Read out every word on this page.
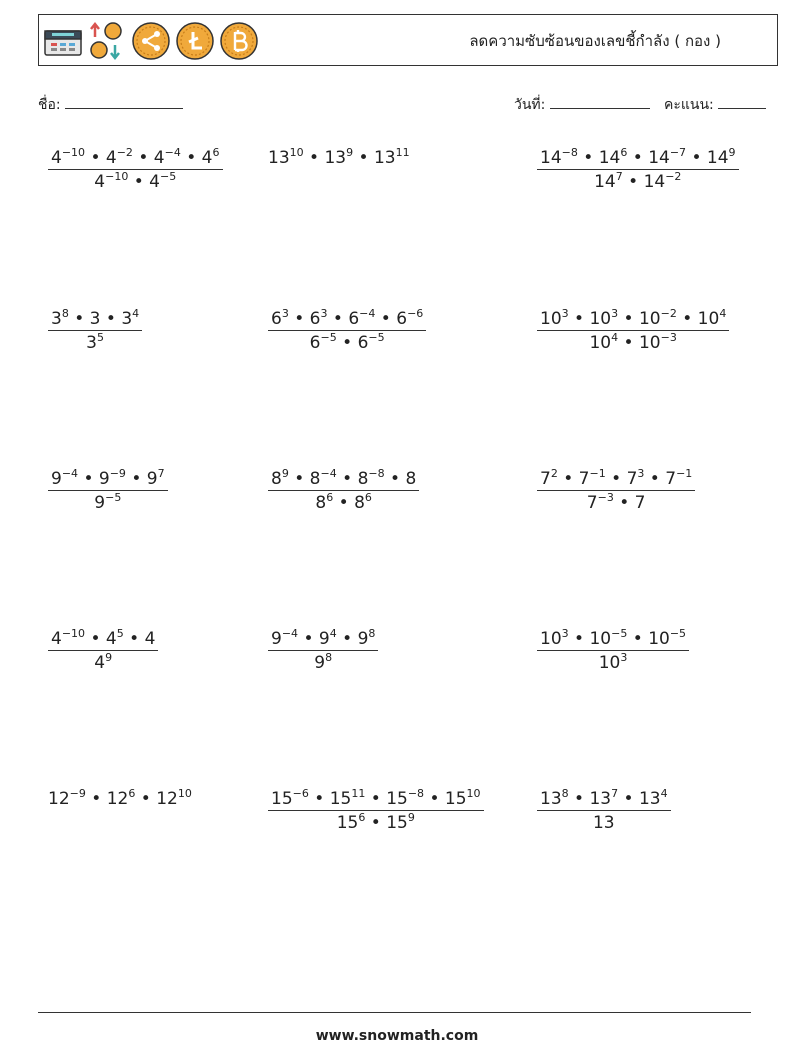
ลดความซับซ้อนของเลขชี้กำลัง ( กอง )
ชื่อ:	วันที่:	คะแนน:
$\frac{4^{-10} • 4^{-2} • 4^{-4} • 4^6}{4^{-10} • 4^{-5}}$	$13^{10}$ • $13^9$ • $13^{11}$	$\frac{14^{-8} • 14^6 • 14^{-7} • 14^9}{14^7 • 14^{-2}}$
$\frac{3^8 • 3 • 3^4}{3^5}$	$\frac{6^3 • 6^3 • 6^{-4} • 6^{-6}}{6^{-5} • 6^{-5}}$	$\frac{10^3 • 10^3 • 10^{-2} • 10^4}{10^4 • 10^{-3}}$
$\frac{9^{-4} • 9^{-9} • 9^7}{9^{-5}}$	$\frac{8^9 • 8^{-4} • 8^{-8} • 8}{8^6 • 8^6}$	$\frac{7^2 • 7^{-1} • 7^3 • 7^{-1}}{7^{-3} • 7}$
$\frac{4^{-10} • 4^5 • 4}{4^9}$	$\frac{9^{-4} • 9^4 • 9^8}{9^8}$	$\frac{10^3 • 10^{-5} • 10^{-5}}{10^3}$
$12^{-9}$ • $12^6$ • $12^{10}$	$\frac{15^{-6} • 15^{11} • 15^{-8} • 15^{10}}{15^6 • 15^9}$	$\frac{13^8 • 13^7 • 13^4}{13}$
www.snowmath.com
